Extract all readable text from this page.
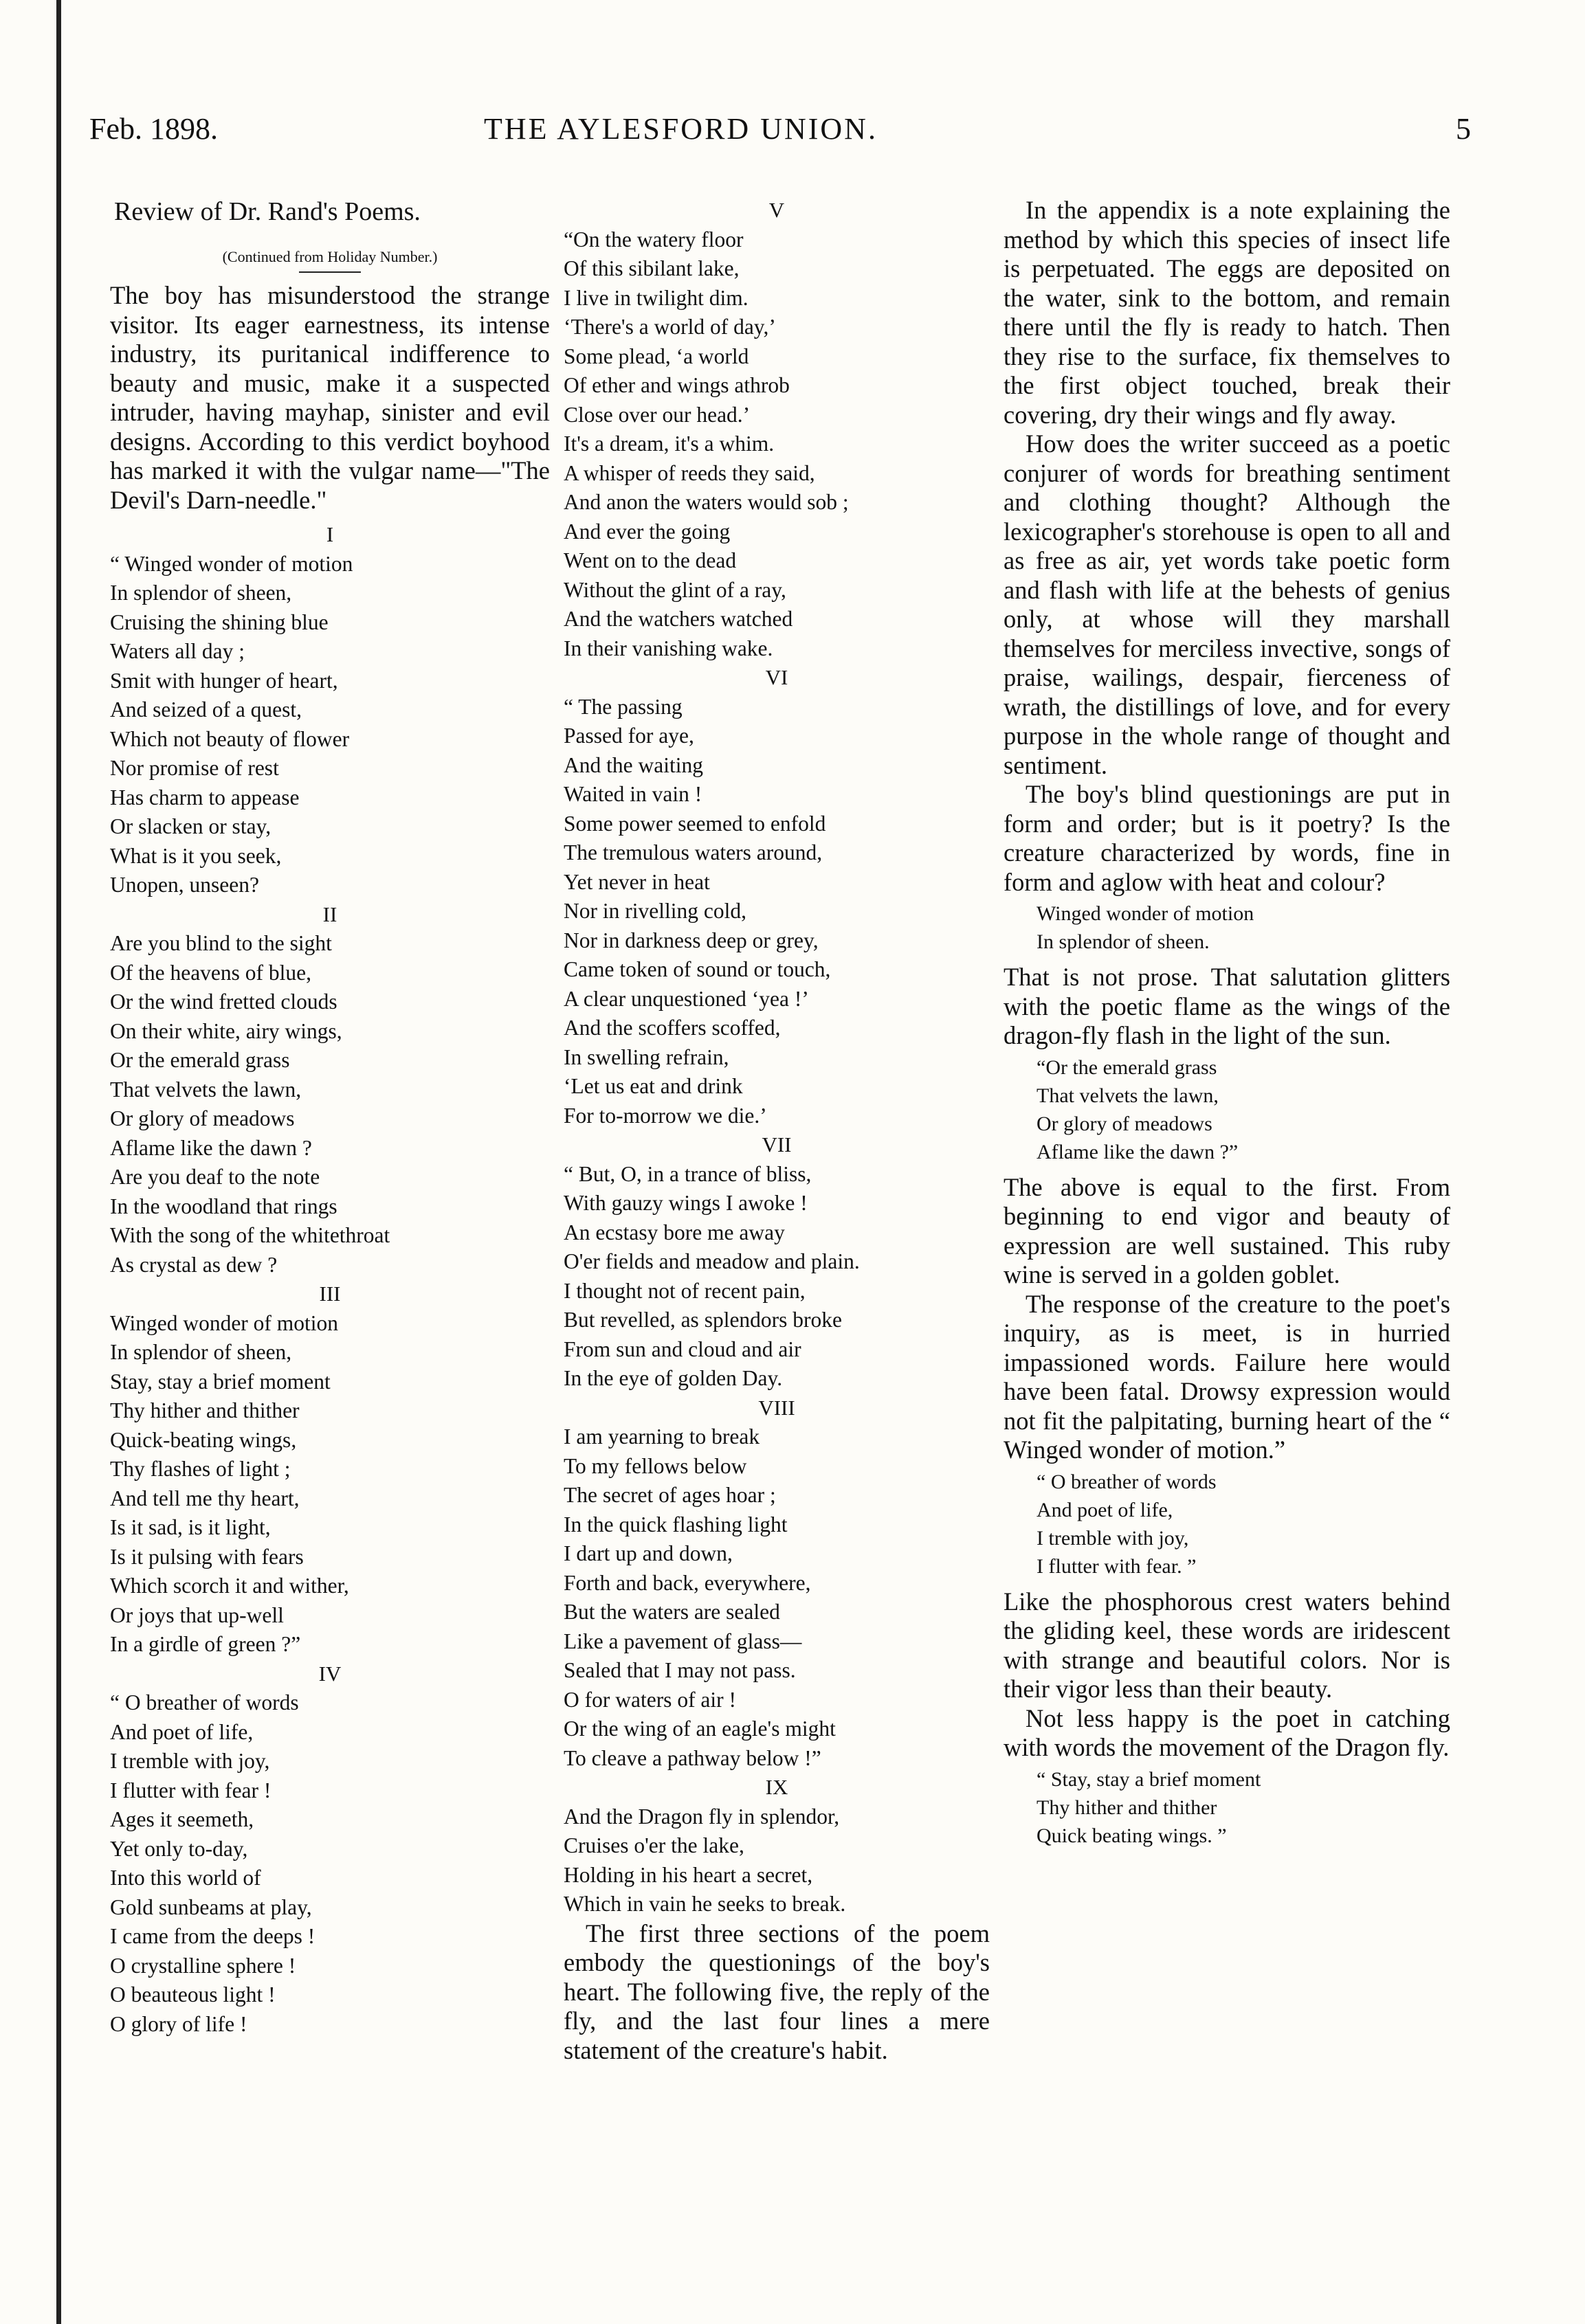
Feb. 1898.	THE AYLESFORD UNION.	5
Review of Dr. Rand's Poems.
(Continued from Holiday Number.)

The boy has misunderstood the strange visitor. Its eager earnestness, its intense industry, its puritanical indifference to beauty and music, make it a suspected intruder, having mayhap, sinister and evil designs. According to this verdict boyhood has marked it with the vulgar name—"The Devil's Darn-needle."

I
“ Winged wonder of motion
In splendor of sheen,
Cruising the shining blue
Waters all day ;
Smit with hunger of heart,
And seized of a quest,
Which not beauty of flower
Nor promise of rest
Has charm to appease
Or slacken or stay,
What is it you seek,
Unopen, unseen?
II
Are you blind to the sight
Of the heavens of blue,
Or the wind fretted clouds
On their white, airy wings,
Or the emerald grass
That velvets the lawn,
Or glory of meadows
Aflame like the dawn ?
Are you deaf to the note
In the woodland that rings
With the song of the whitethroat
As crystal as dew ?
III
Winged wonder of motion
In splendor of sheen,
Stay, stay a brief moment
Thy hither and thither
Quick-beating wings,
Thy flashes of light ;
And tell me thy heart,
Is it sad, is it light,
Is it pulsing with fears
Which scorch it and wither,
Or joys that up-well
In a girdle of green ?”
IV
“ O breather of words
And poet of life,
I tremble with joy,
I flutter with fear !
Ages it seemeth,
Yet only to-day,
Into this world of
Gold sunbeams at play,
I came from the deeps !
O crystalline sphere !
O beauteous light !
O glory of life !
V
“On the watery floor
Of this sibilant lake,
I live in twilight dim.
‘There's a world of day,’
Some plead, ‘a world
Of ether and wings athrob
Close over our head.’
It's a dream, it's a whim.
A whisper of reeds they said,
And anon the waters would sob ;
And ever the going
Went on to the dead
Without the glint of a ray,
And the watchers watched
In their vanishing wake.
VI
“ The passing
Passed for aye,
And the waiting
Waited in vain !
Some power seemed to enfold
The tremulous waters around,
Yet never in heat
Nor in rivelling cold,
Nor in darkness deep or grey,
Came token of sound or touch,
A clear unquestioned ‘yea !’
And the scoffers scoffed,
In swelling refrain,
‘Let us eat and drink
For to-morrow we die.’
VII
“ But, O, in a trance of bliss,
With gauzy wings I awoke !
An ecstasy bore me away
O'er fields and meadow and plain.
I thought not of recent pain,
But revelled, as splendors broke
From sun and cloud and air
In the eye of golden Day.
VIII
I am yearning to break
To my fellows below
The secret of ages hoar ;
In the quick flashing light
I dart up and down,
Forth and back, everywhere,
But the waters are sealed
Like a pavement of glass—
Sealed that I may not pass.
O for waters of air !
Or the wing of an eagle's might
To cleave a pathway below !”
IX
And the Dragon fly in splendor,
Cruises o'er the lake,
Holding in his heart a secret,
Which in vain he seeks to break.

The first three sections of the poem embody the questionings of the boy's heart. The following five, the reply of the fly, and the last four lines a mere statement of the creature's habit.

In the appendix is a note explaining the method by which this species of insect life is perpetuated. The eggs are deposited on the water, sink to the bottom, and remain there until the fly is ready to hatch. Then they rise to the surface, fix themselves to the first object touched, break their covering, dry their wings and fly away.

How does the writer succeed as a poetic conjurer of words for breathing sentiment and clothing thought? Although the lexicographer's storehouse is open to all and as free as air, yet words take poetic form and flash with life at the behests of genius only, at whose will they marshall themselves for merciless invective, songs of praise, wailings, despair, fierceness of wrath, the distillings of love, and for every purpose in the whole range of thought and sentiment.

The boy's blind questionings are put in form and order; but is it poetry? Is the creature characterized by words, fine in form and aglow with heat and colour?

Winged wonder of motion
In splendor of sheen.

That is not prose. That salutation glitters with the poetic flame as the wings of the dragon-fly flash in the light of the sun.

“Or the emerald grass
That velvets the lawn,
Or glory of meadows
Aflame like the dawn ?”

The above is equal to the first. From beginning to end vigor and beauty of expression are well sustained. This ruby wine is served in a golden goblet.

The response of the creature to the poet's inquiry, as is meet, is in hurried impassioned words. Failure here would have been fatal. Drowsy expression would not fit the palpitating, burning heart of the “ Winged wonder of motion.”

“ O breather of words
And poet of life,
I tremble with joy,
I flutter with fear. ”

Like the phosphorous crest waters behind the gliding keel, these words are iridescent with strange and beautiful colors. Nor is their vigor less than their beauty.

Not less happy is the poet in catching with words the movement of the Dragon fly.

“ Stay, stay a brief moment
Thy hither and thither
Quick beating wings. ”
